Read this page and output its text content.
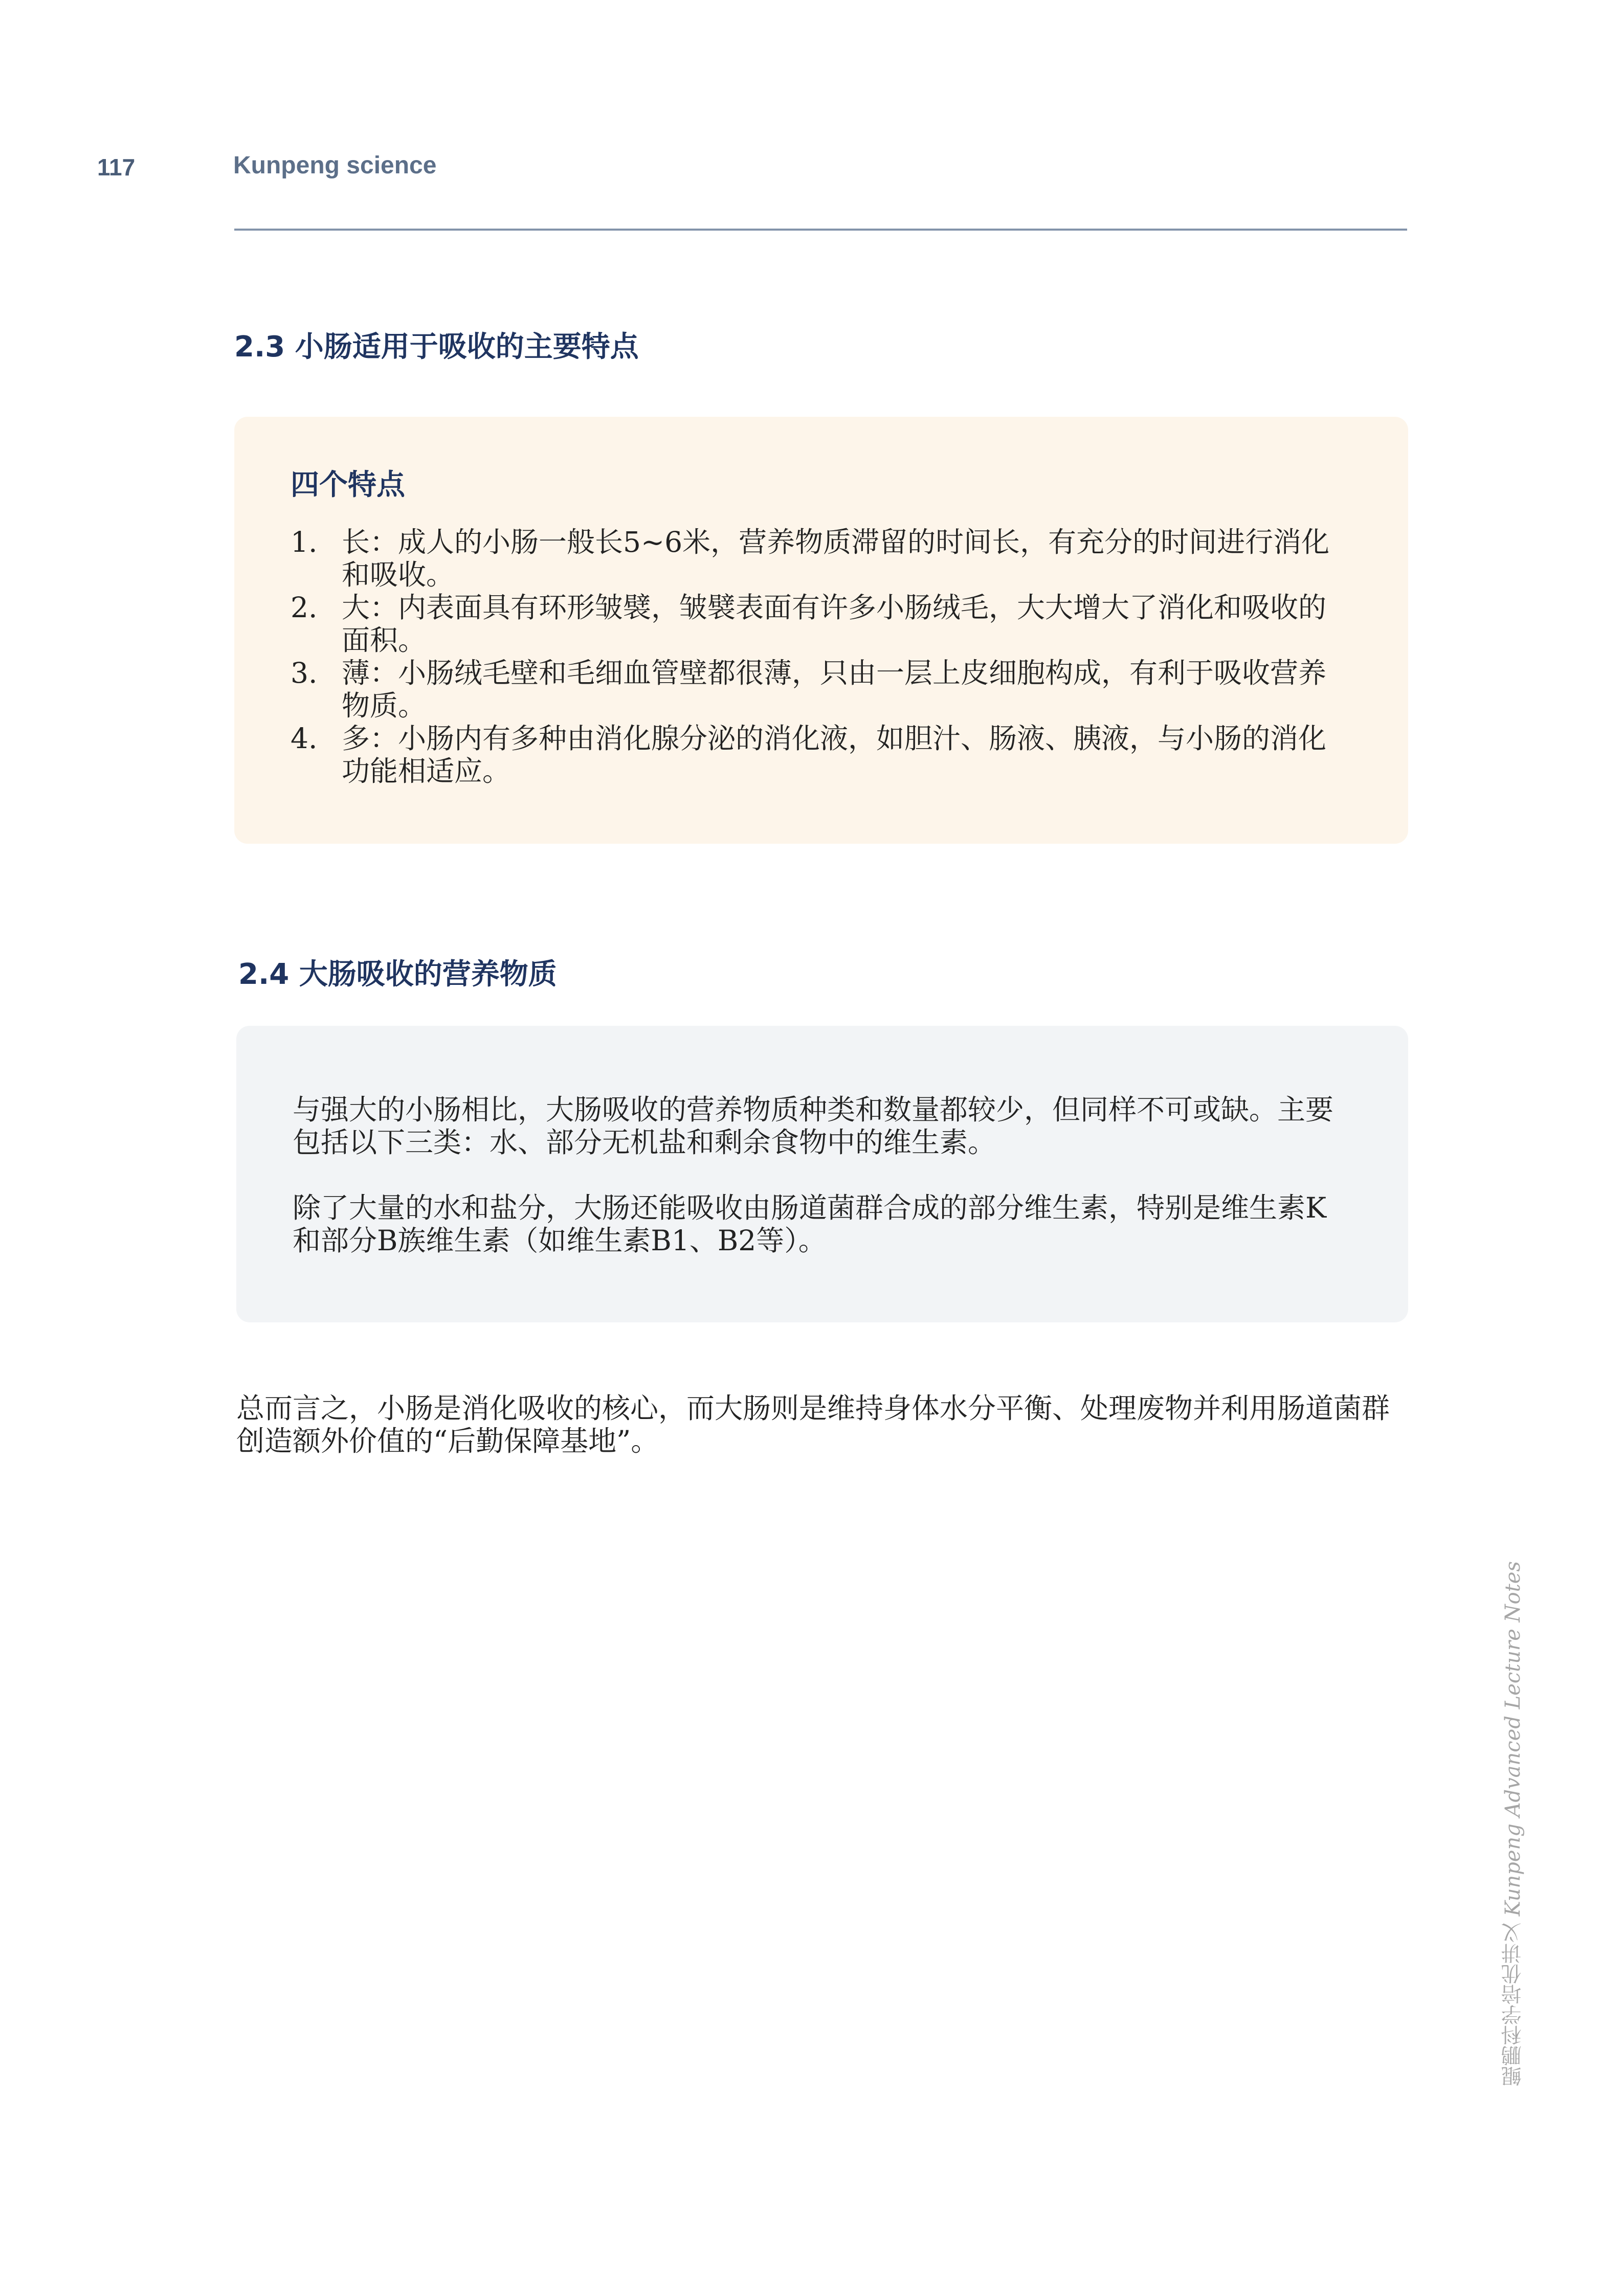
117	Kunpeng science
2.3 小肠适用于吸收的主要特点
四个特点
1. 长：成人的小肠一般长5~6米，营养物质滞留的时间长，有充分的时间进行消化和吸收。
2. 大：内表面具有环形皱襞，皱襞表面有许多小肠绒毛，大大增大了消化和吸收的面积。
3. 薄：小肠绒毛壁和毛细血管壁都很薄，只由一层上皮细胞构成，有利于吸收营养物质。
4. 多：小肠内有多种由消化腺分泌的消化液，如胆汁、肠液、胰液，与小肠的消化功能相适应。
2.4 大肠吸收的营养物质

与强大的小肠相比，大肠吸收的营养物质种类和数量都较少，但同样不可或缺。主要包括以下三类：水、部分无机盐和剩余食物中的维生素。

除了大量的水和盐分，大肠还能吸收由肠道菌群合成的部分维生素，特别是维生素K和部分B族维生素（如维生素B1、B2等）。

总而言之，小肠是消化吸收的核心，而大肠则是维持身体水分平衡、处理废物并利用肠道菌群创造额外价值的“后勤保障基地”。

鲲鹏科学培优讲义 Kunpeng Advanced Lecture Notes
